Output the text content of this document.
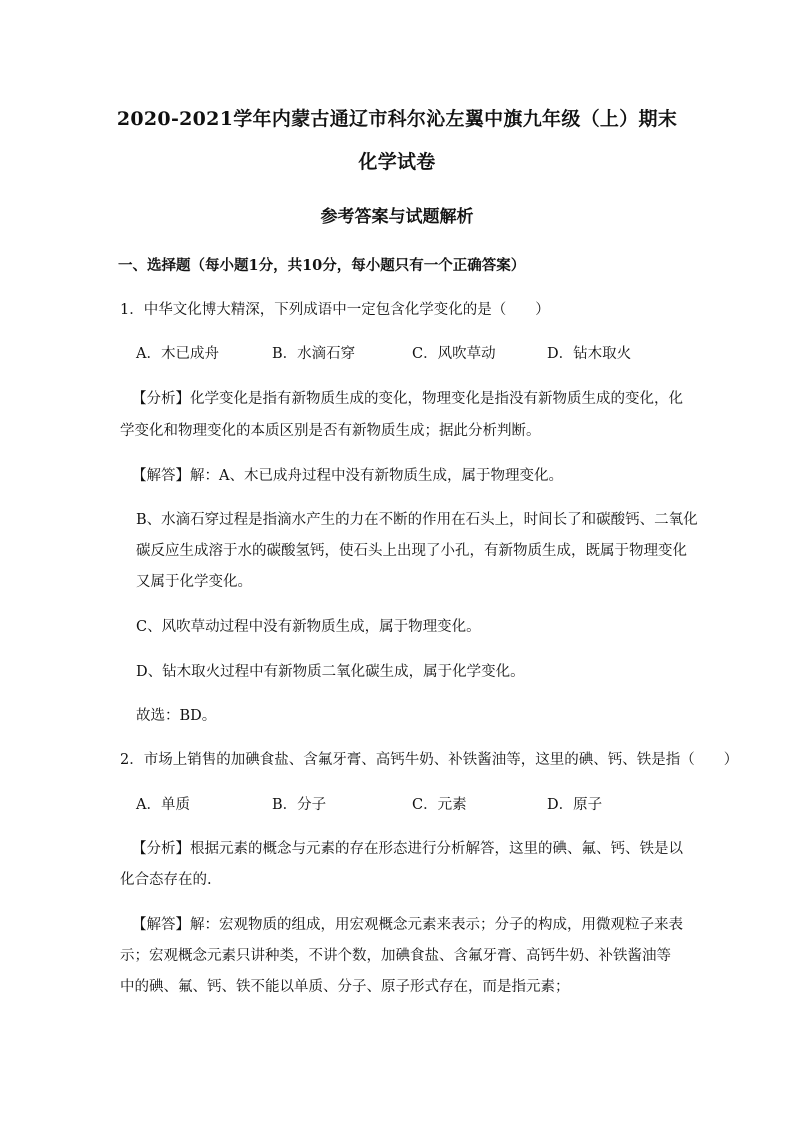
2020-2021学年内蒙古通辽市科尔沁左翼中旗九年级（上）期末
化学试卷
参考答案与试题解析
一、选择题（每小题1分，共10分，每小题只有一个正确答案）
1．中华文化博大精深，下列成语中一定包含化学变化的是（　　）
A．木已成舟	B．水滴石穿	C．风吹草动	D．钻木取火
【分析】化学变化是指有新物质生成的变化，物理变化是指没有新物质生成的变化，化
学变化和物理变化的本质区别是否有新物质生成；据此分析判断。
【解答】解：A、木已成舟过程中没有新物质生成，属于物理变化。
B、水滴石穿过程是指滴水产生的力在不断的作用在石头上，时间长了和碳酸钙、二氧化
碳反应生成溶于水的碳酸氢钙，使石头上出现了小孔，有新物质生成，既属于物理变化
又属于化学变化。
C、风吹草动过程中没有新物质生成，属于物理变化。
D、钻木取火过程中有新物质二氧化碳生成，属于化学变化。
故选：BD。
2．市场上销售的加碘食盐、含氟牙膏、高钙牛奶、补铁酱油等，这里的碘、钙、铁是指（　　）
A．单质	B．分子	C．元素	D．原子
【分析】根据元素的概念与元素的存在形态进行分析解答，这里的碘、氟、钙、铁是以
化合态存在的.
【解答】解：宏观物质的组成，用宏观概念元素来表示；分子的构成，用微观粒子来表
示；宏观概念元素只讲种类，不讲个数，加碘食盐、含氟牙膏、高钙牛奶、补铁酱油等
中的碘、氟、钙、铁不能以单质、分子、原子形式存在，而是指元素；
